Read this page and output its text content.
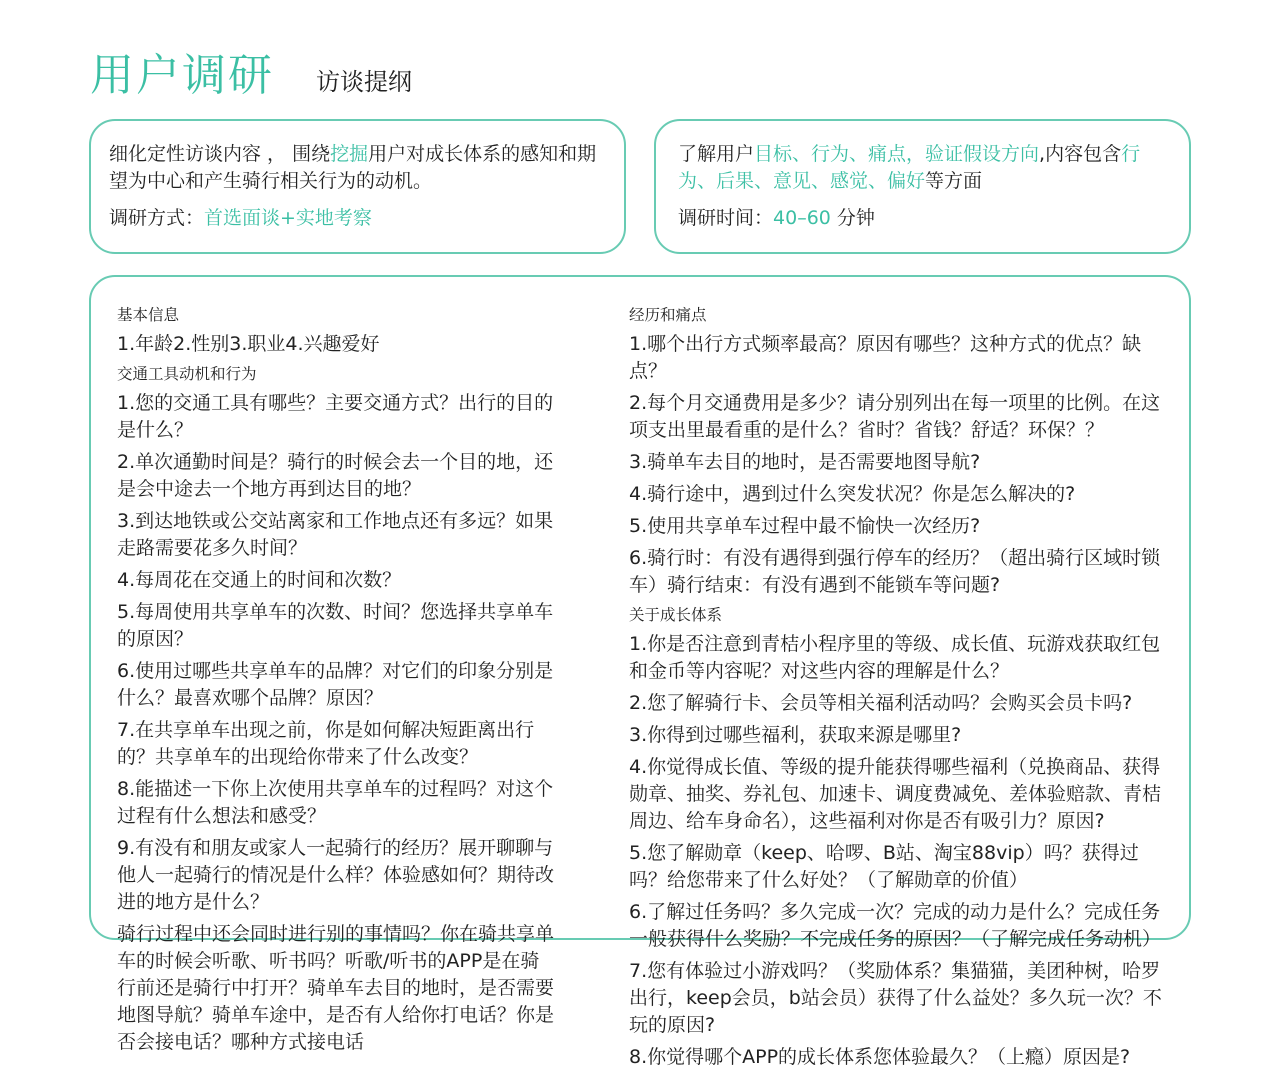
用户调研 访谈提纲

细化定性访谈内容 ， 围绕挖掘用户对成长体系的感知和期望为中心和产生骑行相关行为的动机。

调研方式：首选面谈+实地考察

了解用户目标、行为、痛点，验证假设方向,内容包含行为、后果、意见、感觉、偏好等方面

调研时间：40–60 分钟

基本信息

1.年龄2.性别3.职业4.兴趣爱好

交通工具动机和行为

1.您的交通工具有哪些？主要交通方式？出行的目的是什么？

2.单次通勤时间是？骑行的时候会去一个目的地，还是会中途去一个地方再到达目的地？

3.到达地铁或公交站离家和工作地点还有多远？如果走路需要花多久时间？

4.每周花在交通上的时间和次数？

5.每周使用共享单车的次数、时间？您选择共享单车的原因？

6.使用过哪些共享单车的品牌？对它们的印象分别是什么？最喜欢哪个品牌？原因？

7.在共享单车出现之前，你是如何解决短距离出行的？共享单车的出现给你带来了什么改变？

8.能描述一下你上次使用共享单车的过程吗？对这个过程有什么想法和感受？

9.有没有和朋友或家人一起骑行的经历？展开聊聊与他人一起骑行的情况是什么样？体验感如何？期待改进的地方是什么？

骑行过程中还会同时进行别的事情吗？你在骑共享单车的时候会听歌、听书吗？听歌/听书的APP是在骑行前还是骑行中打开？骑单车去目的地时，是否需要地图导航？骑单车途中，是否有人给你打电话？你是否会接电话？哪种方式接电话

经历和痛点

1.哪个出行方式频率最高？原因有哪些？这种方式的优点？缺点？

2.每个月交通费用是多少？请分别列出在每一项里的比例。在这项支出里最看重的是什么？省时？省钱？舒适？环保？？

3.骑单车去目的地时，是否需要地图导航?

4.骑行途中，遇到过什么突发状况？你是怎么解决的?

5.使用共享单车过程中最不愉快一次经历?

6.骑行时：有没有遇得到强行停车的经历？（超出骑行区域时锁车）骑行结束：有没有遇到不能锁车等问题?

关于成长体系

1.你是否注意到青桔小程序里的等级、成长值、玩游戏获取红包和金币等内容呢？对这些内容的理解是什么？

2.您了解骑行卡、会员等相关福利活动吗？会购买会员卡吗?

3.你得到过哪些福利，获取来源是哪里?

4.你觉得成长值、等级的提升能获得哪些福利（兑换商品、获得勋章、抽奖、券礼包、加速卡、调度费减免、差体验赔款、青桔周边、给车身命名），这些福利对你是否有吸引力？原因?

5.您了解勋章（keep、哈啰、B站、淘宝88vip）吗？获得过吗？给您带来了什么好处？（了解勋章的价值）

6.了解过任务吗？多久完成一次？完成的动力是什么？完成任务一般获得什么奖励？不完成任务的原因？（了解完成任务动机）

7.您有体验过小游戏吗？（奖励体系？集猫猫，美团种树，哈罗出行，keep会员，b站会员）获得了什么益处？多久玩一次？不玩的原因?

8.你觉得哪个APP的成长体系您体验最久？（上瘾）原因是?
